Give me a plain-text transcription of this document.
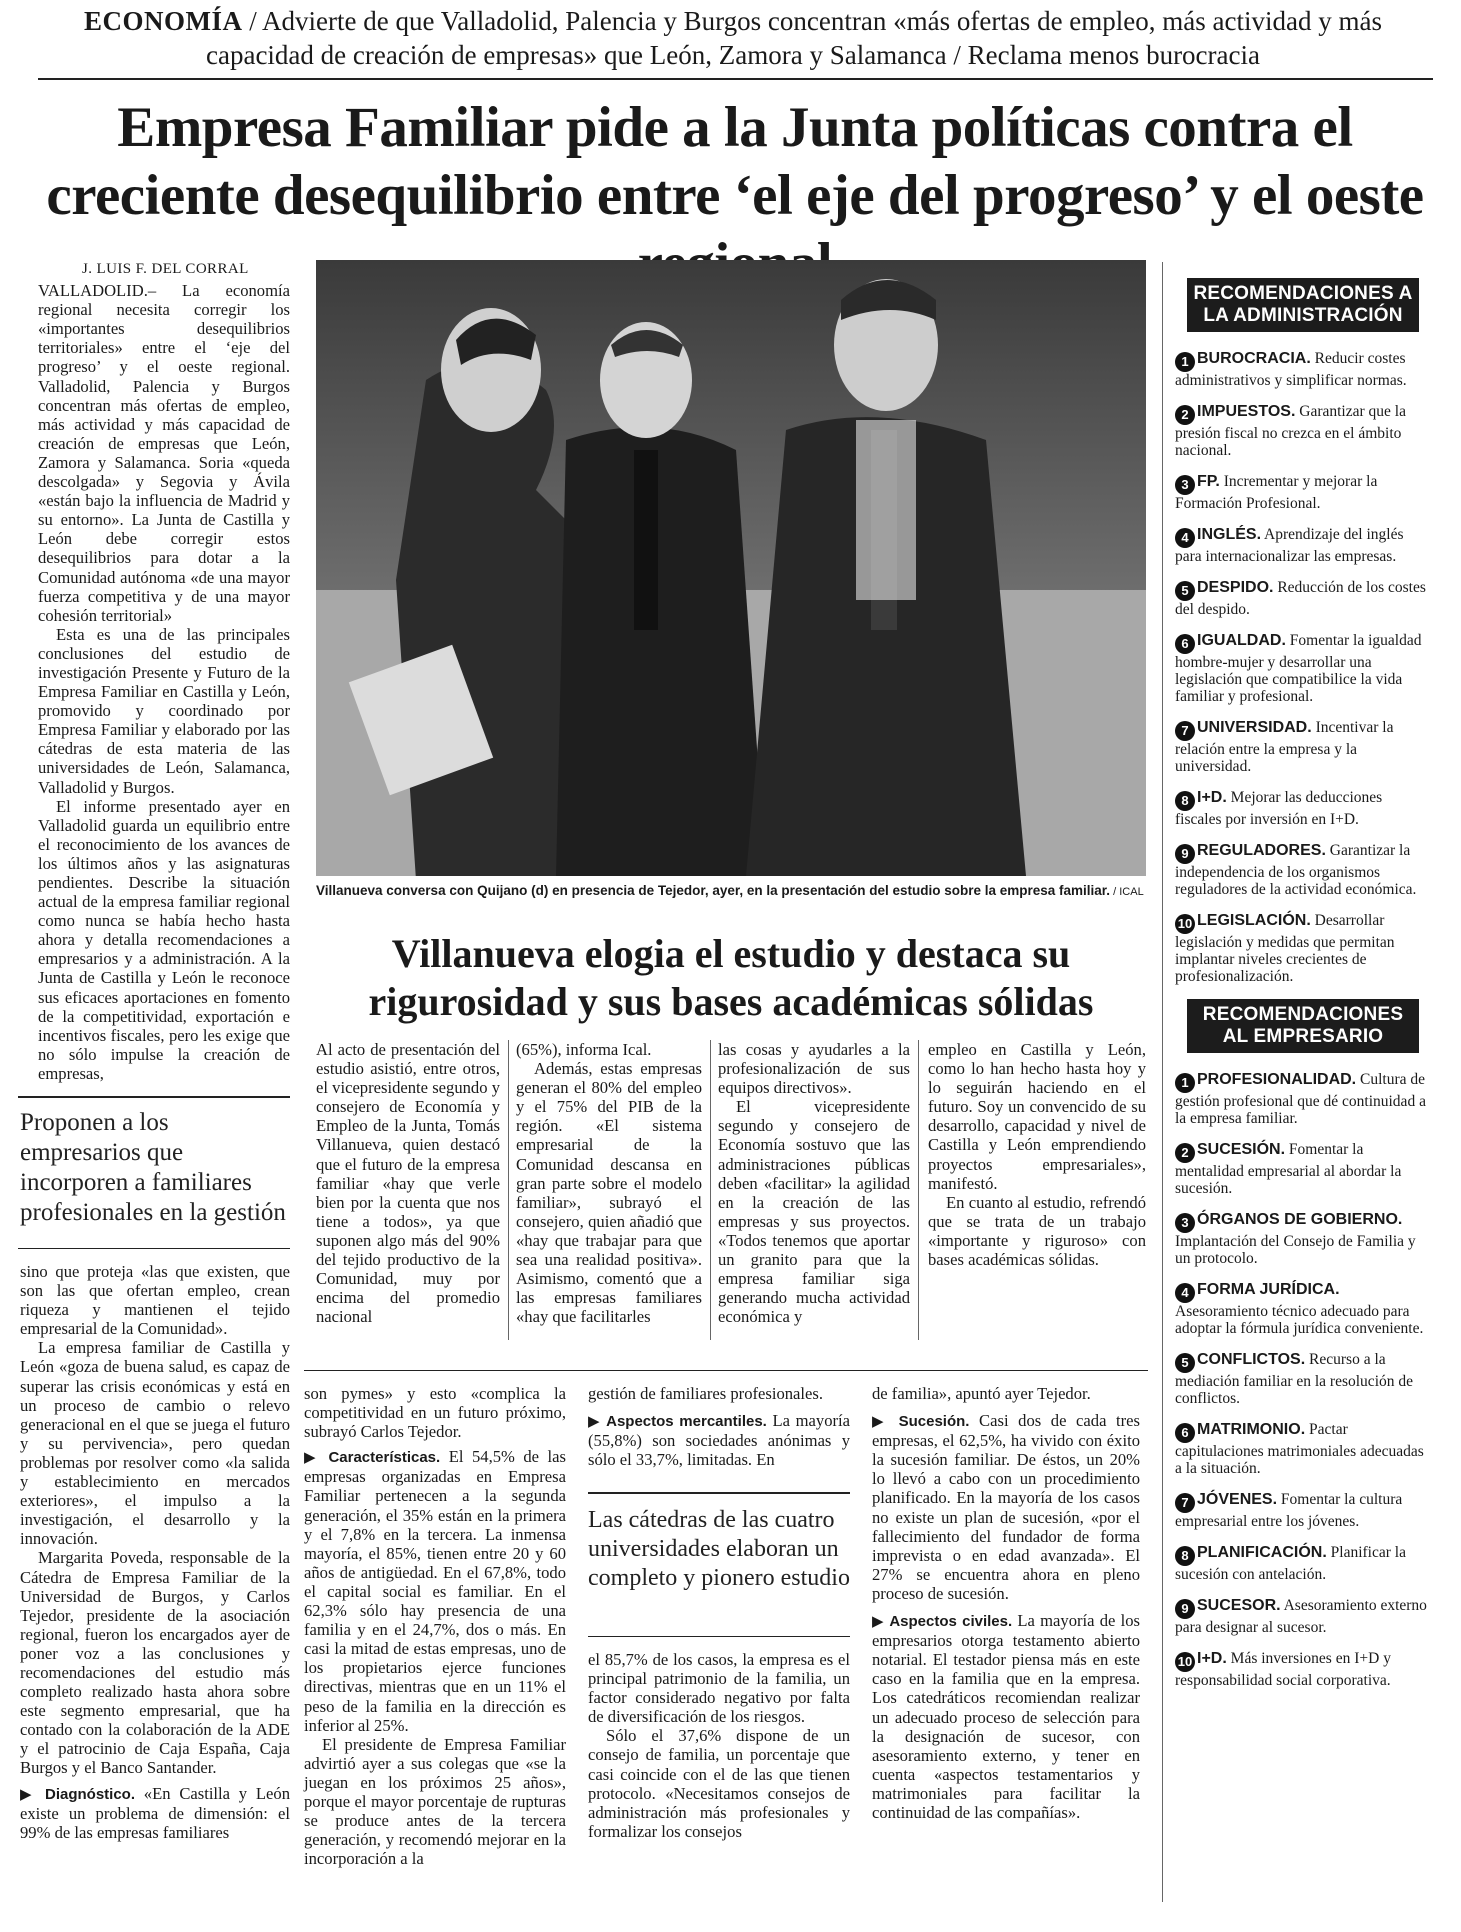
ECONOMÍA / Advierte de que Valladolid, Palencia y Burgos concentran «más ofertas de empleo, más actividad y más capacidad de creación de empresas» que León, Zamora y Salamanca / Reclama menos burocracia
Empresa Familiar pide a la Junta políticas contra el creciente desequilibrio entre ‘el eje del progreso’ y el oeste
J. LUIS F. DEL CORRAL

VALLADOLID.– La economía regional necesita corregir los «importantes desequilibrios territoriales» entre el ‘eje del progreso’ y el oeste regional. Valladolid, Palencia y Burgos concentran más ofertas de empleo, más actividad y más capacidad de creación de empresas que León, Zamora y Salamanca. Soria «queda descolgada» y Segovia y Ávila «están bajo la influencia de Madrid y su entorno». La Junta de Castilla y León debe corregir estos desequilibrios para dotar a la Comunidad autónoma «de una mayor fuerza competitiva y de una mayor cohesión territorial»

Esta es una de las principales conclusiones del estudio de investigación Presente y Futuro de la Empresa Familiar en Castilla y León, promovido y coordinado por Empresa Familiar y elaborado por las cátedras de esta materia de las universidades de León, Salamanca, Valladolid y Burgos.

El informe presentado ayer en Valladolid guarda un equilibrio entre el reconocimiento de los avances de los últimos años y las asignaturas pendientes. Describe la situación actual de la empresa familiar regional como nunca se había hecho hasta ahora y detalla recomendaciones a empresarios y a administración. A la Junta de Castilla y León le reconoce sus eficaces aportaciones en fomento de la competitividad, exportación e incentivos fiscales, pero les exige que no sólo impulse la creación de empresas,

Proponen a los empresarios que incorporen a familiares profesionales en la gestión

sino que proteja «las que existen, que son las que ofertan empleo, crean riqueza y mantienen el tejido empresarial de la Comunidad».

La empresa familiar de Castilla y León «goza de buena salud, es capaz de superar las crisis económicas y está en un proceso de cambio o relevo generacional en el que se juega el futuro y su pervivencia», pero quedan problemas por resolver como «la salida y establecimiento en mercados exteriores», el impulso a la investigación, el desarrollo y la innovación.

Margarita Poveda, responsable de la Cátedra de Empresa Familiar de la Universidad de Burgos, y Carlos Tejedor, presidente de la asociación regional, fueron los encargados ayer de poner voz a las conclusiones y recomendaciones del estudio más completo realizado hasta ahora sobre este segmento empresarial, que ha contado con la colaboración de la ADE y el patrocinio de Caja España, Caja Burgos y el Banco Santander.

▶ Diagnóstico. «En Castilla y León existe un problema de dimensión: el 99% de las empresas familiares

Villanueva conversa con Quijano (d) en presencia de Tejedor, ayer, en la presentación del estudio sobre la empresa familiar. / ICAL
Villanueva elogia el estudio y destaca su rigurosidad y sus bases académicas sólidas

Al acto de presentación del estudio asistió, entre otros, el vicepresidente segundo y consejero de Economía y Empleo de la Junta, Tomás Villanueva, quien destacó que el futuro de la empresa familiar «hay que verle bien por la cuenta que nos tiene a todos», ya que suponen algo más del 90% del tejido productivo de la Comunidad, muy por encima del promedio nacional

(65%), informa Ical.

Además, estas empresas generan el 80% del empleo y el 75% del PIB de la región. «El sistema empresarial de la Comunidad descansa en gran parte sobre el modelo familiar», subrayó el consejero, quien añadió que «hay que trabajar para que sea una realidad positiva». Asimismo, comentó que a las empresas familiares «hay que facilitarles

las cosas y ayudarles a la profesionalización de sus equipos directivos».

El vicepresidente segundo y consejero de Economía sostuvo que las administraciones públicas deben «facilitar» la agilidad en la creación de las empresas y sus proyectos. «Todos tenemos que aportar un granito para que la empresa familiar siga generando mucha actividad económica y

empleo en Castilla y León, como lo han hecho hasta hoy y lo seguirán haciendo en el futuro. Soy un convencido de su desarrollo, capacidad y nivel de Castilla y León emprendiendo proyectos empresariales», manifestó.

En cuanto al estudio, refrendó que se trata de un trabajo «importante y riguroso» con bases académicas sólidas.

son pymes» y esto «complica la competitividad en un futuro próximo, subrayó Carlos Tejedor.

▶ Características. El 54,5% de las empresas organizadas en Empresa Familiar pertenecen a la segunda generación, el 35% están en la primera y el 7,8% en la tercera. La inmensa mayoría, el 85%, tienen entre 20 y 60 años de antigüedad. En el 67,8%, todo el capital social es familiar. En el 62,3% sólo hay presencia de una familia y en el 24,7%, dos o más. En casi la mitad de estas empresas, uno de los propietarios ejerce funciones directivas, mientras que en un 11% el peso de la familia en la dirección es inferior al 25%.

El presidente de Empresa Familiar advirtió ayer a sus colegas que «se la juegan en los próximos 25 años», porque el mayor porcentaje de rupturas se produce antes de la tercera generación, y recomendó mejorar en la incorporación a la

gestión de familiares profesionales.

▶ Aspectos mercantiles. La mayoría (55,8%) son sociedades anónimas y sólo el 33,7%, limitadas. En

Las cátedras de las cuatro universidades elaboran un completo y pionero estudio

el 85,7% de los casos, la empresa es el principal patrimonio de la familia, un factor considerado negativo por falta de diversificación de los riesgos.

Sólo el 37,6% dispone de un consejo de familia, un porcentaje que casi coincide con el de las que tienen protocolo. «Necesitamos consejos de administración más profesionales y formalizar los consejos

de familia», apuntó ayer Tejedor.

▶ Sucesión. Casi dos de cada tres empresas, el 62,5%, ha vivido con éxito la sucesión familiar. De éstos, un 20% lo llevó a cabo con un procedimiento planificado. En la mayoría de los casos no existe un plan de sucesión, «por el fallecimiento del fundador de forma imprevista o en edad avanzada». El 27% se encuentra ahora en pleno proceso de sucesión.

▶ Aspectos civiles. La mayoría de los empresarios otorga testamento abierto notarial. El testador piensa más en este caso en la familia que en la empresa. Los catedráticos recomiendan realizar un adecuado proceso de selección para la designación de sucesor, con asesoramiento externo, y tener en cuenta «aspectos testamentarios y matrimoniales para facilitar la continuidad de las compañías».

RECOMENDACIONES A LA ADMINISTRACIÓN
1 BUROCRACIA. Reducir costes administrativos y simplificar normas.
2 IMPUESTOS. Garantizar que la presión fiscal no crezca en el ámbito nacional.
3 FP. Incrementar y mejorar la Formación Profesional.
4 INGLÉS. Aprendizaje del inglés para internacionalizar las empresas.
5 DESPIDO. Reducción de los costes del despido.
6 IGUALDAD. Fomentar la igualdad hombre-mujer y desarrollar una legislación que compatibilice la vida familiar y profesional.
7 UNIVERSIDAD. Incentivar la relación entre la empresa y la universidad.
8 I+D. Mejorar las deducciones fiscales por inversión en I+D.
9 REGULADORES. Garantizar la independencia de los organismos reguladores de la actividad económica.
10 LEGISLACIÓN. Desarrollar legislación y medidas que permitan implantar niveles crecientes de profesionalización.
RECOMENDACIONES AL EMPRESARIO
1 PROFESIONALIDAD. Cultura de gestión profesional que dé continuidad a la empresa familiar.
2 SUCESIÓN. Fomentar la mentalidad empresarial al abordar la sucesión.
3 ÓRGANOS DE GOBIERNO. Implantación del Consejo de Familia y un protocolo.
4 FORMA JURÍDICA. Asesoramiento técnico adecuado para adoptar la fórmula jurídica conveniente.
5 CONFLICTOS. Recurso a la mediación familiar en la resolución de conflictos.
6 MATRIMONIO. Pactar capitulaciones matrimoniales adecuadas a la situación.
7 JÓVENES. Fomentar la cultura empresarial entre los jóvenes.
8 PLANIFICACIÓN. Planificar la sucesión con antelación.
9 SUCESOR. Asesoramiento externo para designar al sucesor.
10 I+D. Más inversiones en I+D y responsabilidad social corporativa.
